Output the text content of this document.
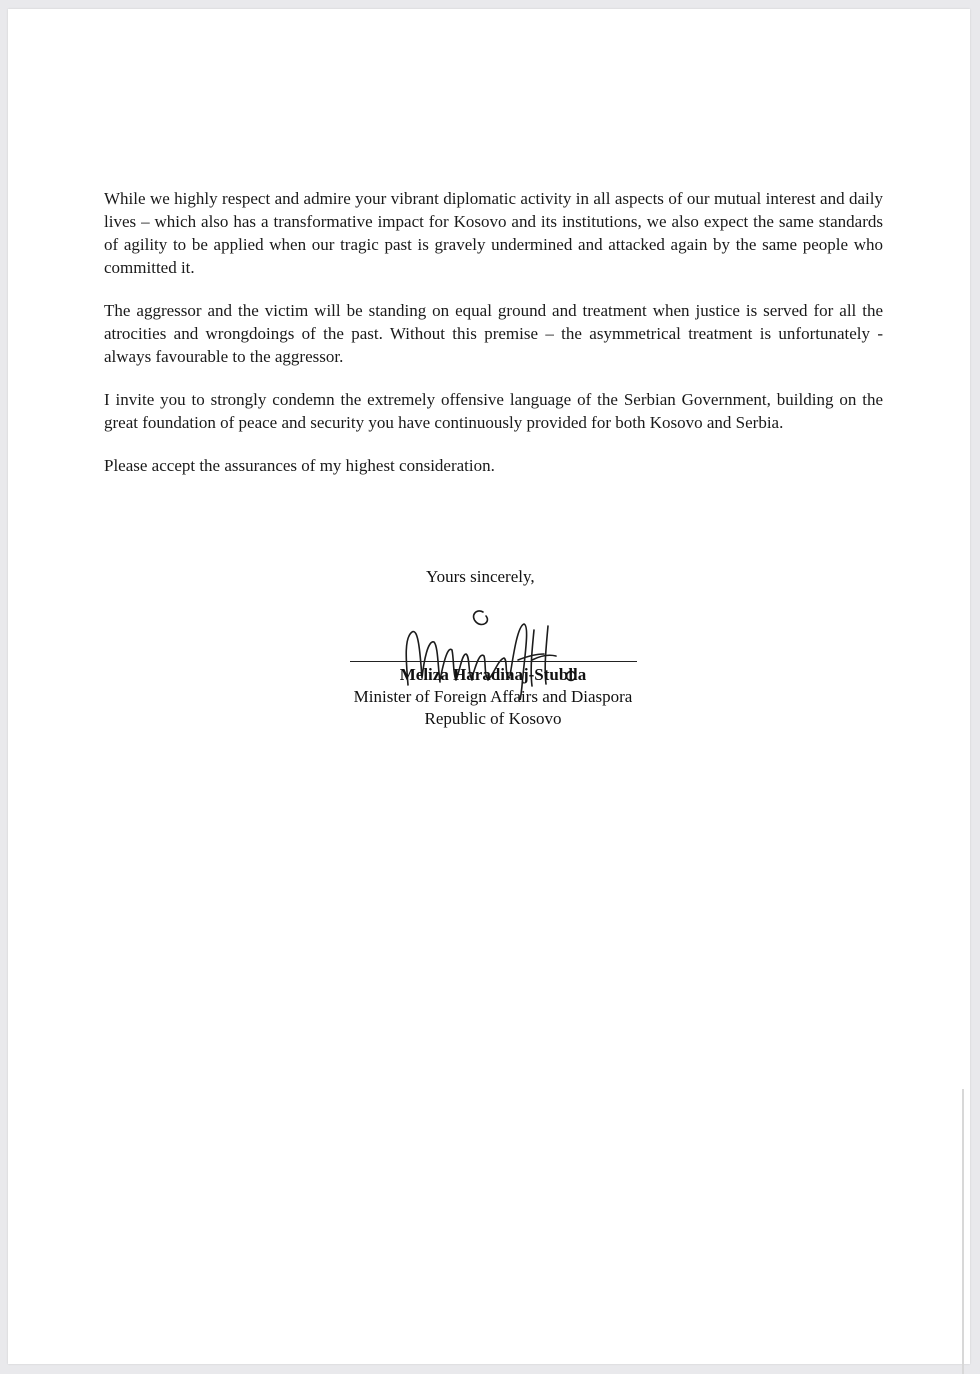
While we highly respect and admire your vibrant diplomatic activity in all aspects of our mutual interest and daily lives – which also has a transformative impact for Kosovo and its institutions, we also expect the same standards of agility to be applied when our tragic past is gravely undermined and attacked again by the same people who committed it.

The aggressor and the victim will be standing on equal ground and treatment when justice is served for all the atrocities and wrongdoings of the past. Without this premise – the asymmetrical treatment is unfortunately - always favourable to the aggressor.

I invite you to strongly condemn the extremely offensive language of the Serbian Government, building on the great foundation of peace and security you have continuously provided for both Kosovo and Serbia.

Please accept the assurances of my highest consideration.

Yours sincerely,
Meliza Haradinaj-Stublla
Minister of Foreign Affairs and Diaspora
Republic of Kosovo
